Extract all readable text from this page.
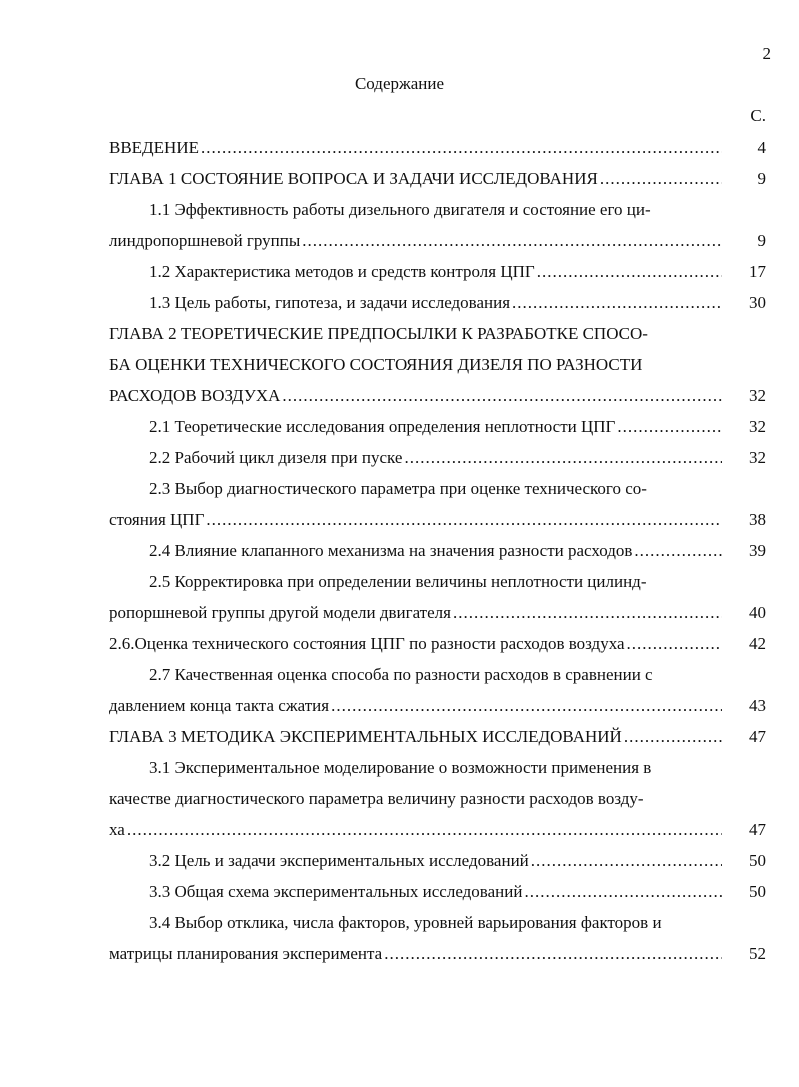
2
Содержание
С.
ВВЕДЕНИЕ .....	4
ГЛАВА 1 СОСТОЯНИЕ ВОПРОСА И ЗАДАЧИ ИССЛЕДОВАНИЯ .....	9
1.1 Эффективность работы дизельного двигателя и состояние его ци-
линдропоршневой группы .....	9
1.2 Характеристика методов и средств контроля ЦПГ .....	17
1.3 Цель работы, гипотеза, и задачи исследования .....	30
ГЛАВА 2 ТЕОРЕТИЧЕСКИЕ ПРЕДПОСЫЛКИ К РАЗРАБОТКЕ СПОСО-
БА ОЦЕНКИ ТЕХНИЧЕСКОГО СОСТОЯНИЯ ДИЗЕЛЯ ПО РАЗНОСТИ
РАСХОДОВ ВОЗДУХА .....	32
2.1 Теоретические исследования определения неплотности ЦПГ .....	32
2.2 Рабочий цикл дизеля при пуске .....	32
2.3 Выбор диагностического параметра при оценке технического со-
стояния ЦПГ .....	38
2.4 Влияние клапанного механизма на значения разности расходов .....	39
2.5 Корректировка при определении величины неплотности цилинд-
ропоршневой группы другой модели двигателя .....	40
2.6.Оценка технического состояния ЦПГ по разности расходов воздуха .....	42
2.7 Качественная оценка способа по разности расходов в сравнении с
давлением конца такта сжатия .....	43
ГЛАВА 3 МЕТОДИКА ЭКСПЕРИМЕНТАЛЬНЫХ ИССЛЕДОВАНИЙ .....	47
3.1 Экспериментальное моделирование о возможности применения в
качестве диагностического параметра величину разности расходов возду-
ха .....	47
3.2 Цель и задачи экспериментальных исследований .....	50
3.3 Общая схема экспериментальных исследований .....	50
3.4 Выбор отклика, числа факторов, уровней варьирования факторов и
матрицы планирования эксперимента .....	52
